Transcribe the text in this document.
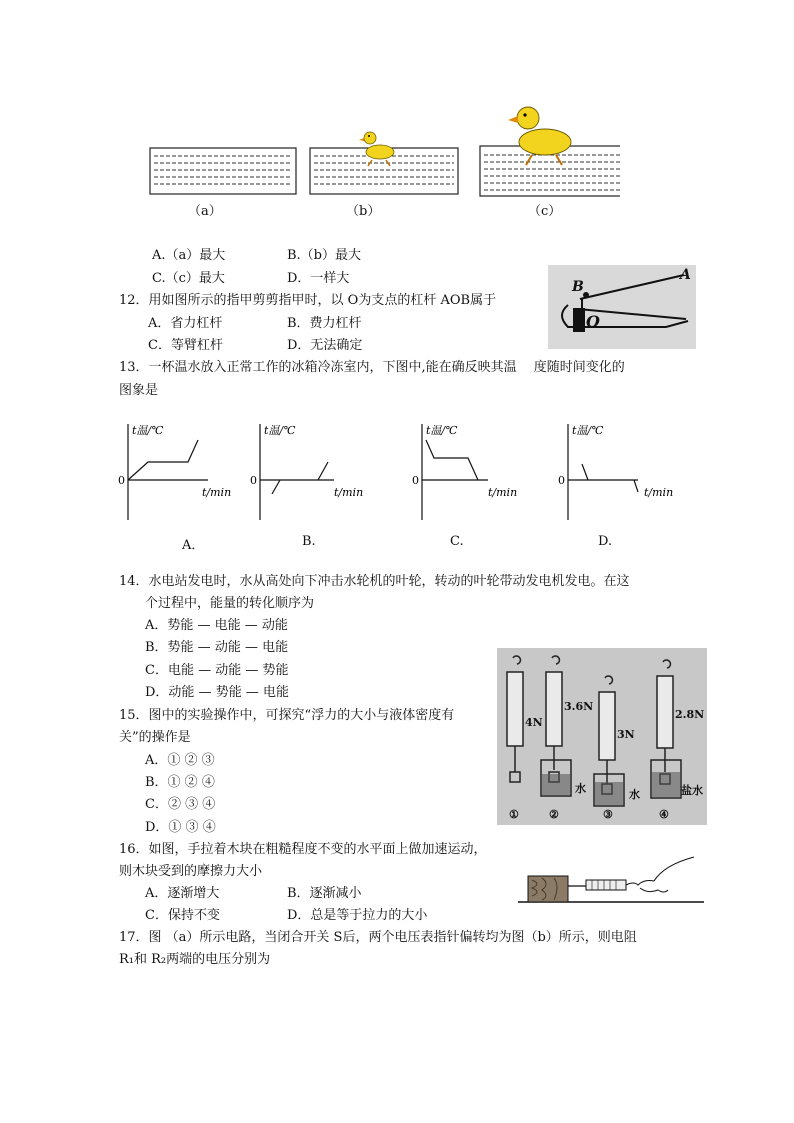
（a）	（b）	（c）
A.（a）最大	B.（b）最大
C.（c）最大	D．一样大
B
A
O
12．用如图所示的指甲剪剪指甲时，以 O为支点的杠杆 AOB属于
A．省力杠杆	B．费力杠杆
C．等臂杠杆	D．无法确定
13．一杯温水放入正常工作的冰箱冷冻室内，下图中,能在确反映其温　 度随时间变化的
图象是
0
t温/℃
t/min
0
t温/℃
t/min
0
t温/℃
t/min
0
t温/℃
t/min
A．	B.	C.	D.
14．水电站发电时，水从高处向下冲击水轮机的叶轮，转动的叶轮带动发电机发电。在这
个过程中，能量的转化顺序为
A．势能 — 电能 — 动能
B．势能 — 动能 — 电能
C．电能 — 动能 — 势能
D．动能 — 势能 — 电能
4N
3.6N
3N
2.8N
水	水	盐水
①	②	③	④
15．图中的实验操作中，可探究“浮力的大小与液体密度有
关”的操作是
A．① ② ③
B．① ② ④
C．② ③ ④
D．① ③ ④
16．如图，手拉着木块在粗糙程度不变的水平面上做加速运动，
则木块受到的摩擦力大小
A．逐渐增大	B．逐渐减小
C．保持不变	D．总是等于拉力的大小
17．图 （a）所示电路，当闭合开关 S后，两个电压表指针偏转均为图（b）所示，则电阻
R₁和 R₂两端的电压分别为
